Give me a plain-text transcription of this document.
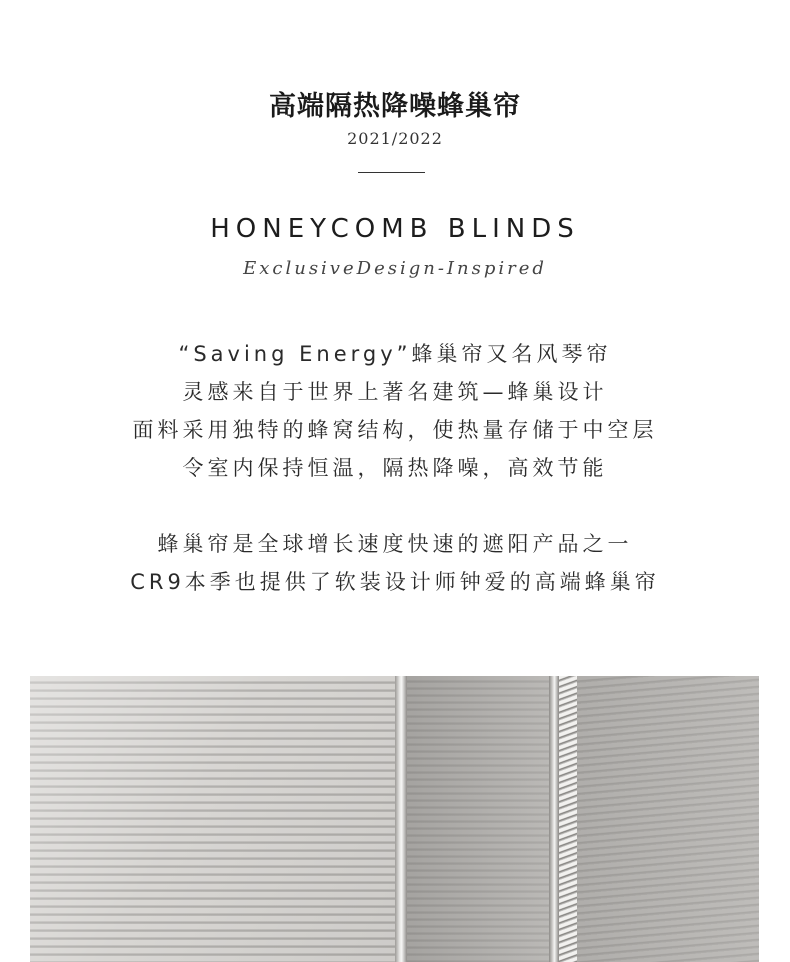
高端隔热降噪蜂巢帘
2021/2022
HONEYCOMB BLINDS
ExclusiveDesign-Inspired
“Saving Energy”蜂巢帘又名风琴帘
灵感来自于世界上著名建筑—蜂巢设计
面料采用独特的蜂窝结构，使热量存储于中空层
令室内保持恒温，隔热降噪，高效节能
蜂巢帘是全球增长速度快速的遮阳产品之一
CR9本季也提供了软装设计师钟爱的高端蜂巢帘
